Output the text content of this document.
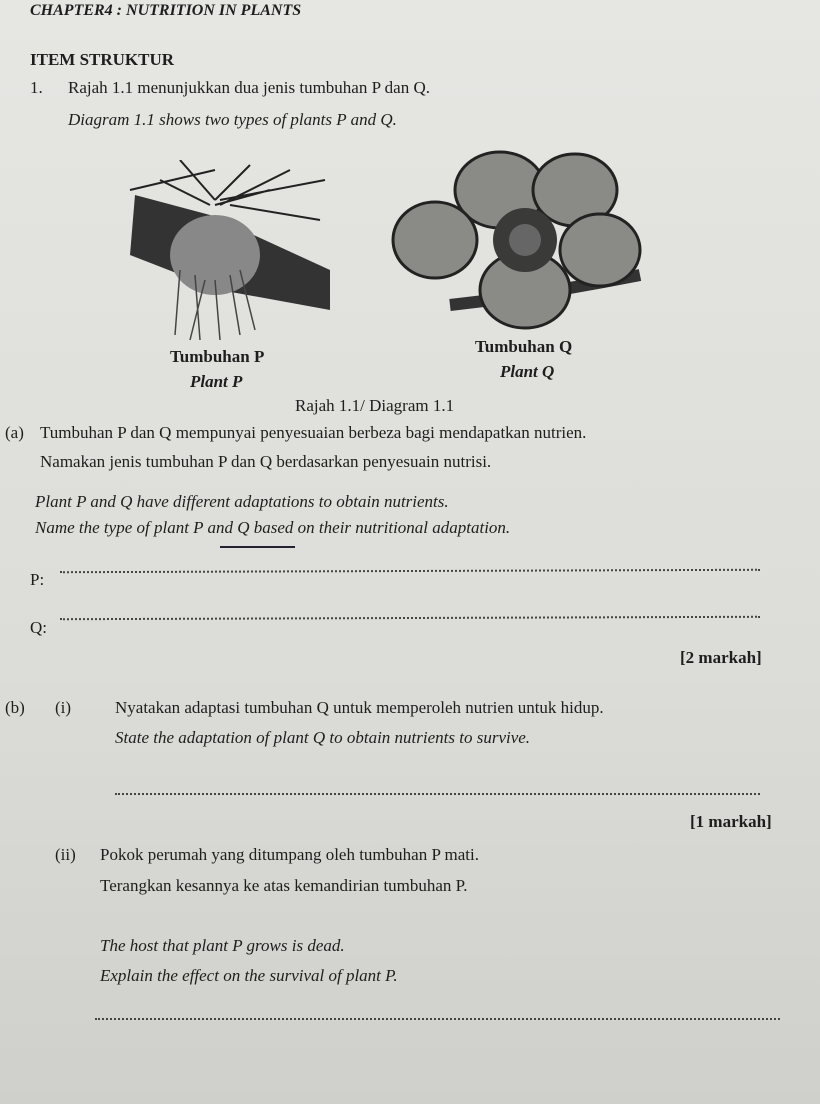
CHAPTER4 : NUTRITION IN PLANTS
ITEM STRUKTUR
1. Rajah 1.1 menunjukkan dua jenis tumbuhan P dan Q.
Diagram 1.1 shows two types of plants P and Q.
Tumbuhan P
Plant P
Tumbuhan Q
Plant Q
Rajah 1.1/ Diagram 1.1
(a) Tumbuhan P dan Q mempunyai penyesuaian berbeza bagi mendapatkan nutrien.
Namakan jenis tumbuhan P dan Q berdasarkan penyesuain nutrisi.
Plant P and Q have different adaptations to obtain nutrients.
Name the type of plant P and Q based on their nutritional adaptation.
P:
Q:
[2 markah]
(b) (i)	Nyatakan adaptasi tumbuhan Q untuk memperoleh nutrien untuk hidup.
State the adaptation of plant Q to obtain nutrients to survive.
[1 markah]
(ii) Pokok perumah yang ditumpang oleh tumbuhan P mati.
Terangkan kesannya ke atas kemandirian tumbuhan P.
The host that plant P grows is dead.
Explain the effect on the survival of plant P.
